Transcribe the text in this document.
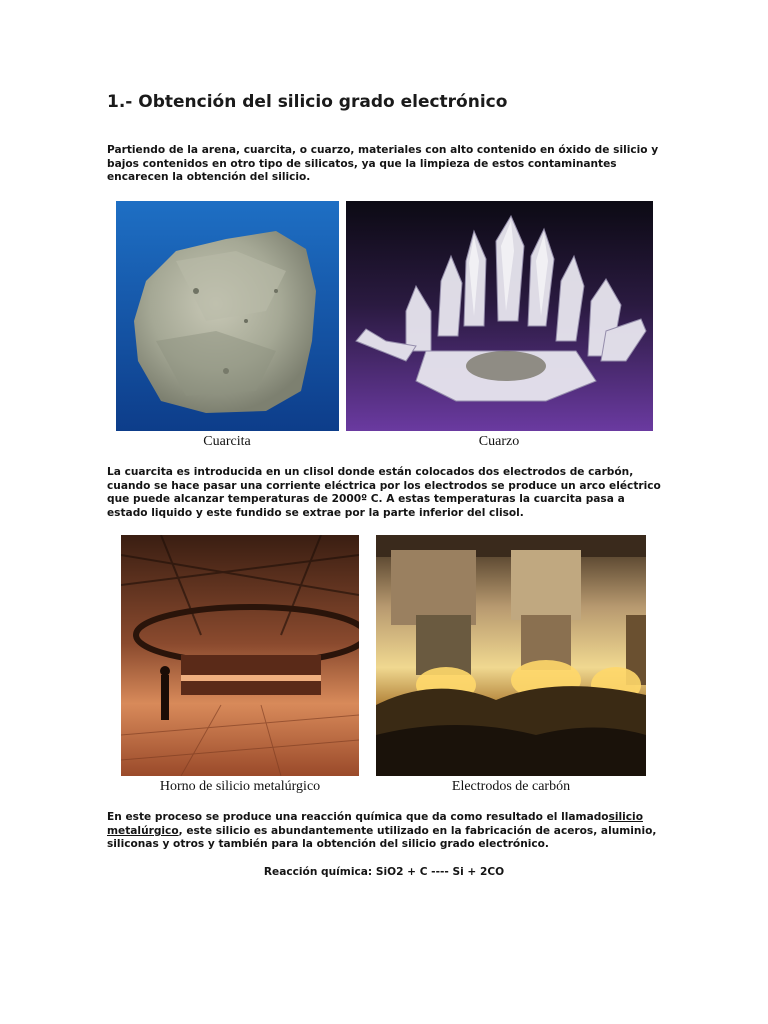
1.- Obtención del silicio grado electrónico

Partiendo de la arena, cuarcita, o cuarzo, materiales con alto contenido en óxido de silicio y bajos contenidos en otro tipo de silicatos, ya que la limpieza de estos contaminantes encarecen la obtención del silicio.

Cuarcita	Cuarzo

La cuarcita es introducida en un clisol donde están colocados dos electrodos de carbón, cuando se hace pasar una corriente eléctrica por los electrodos se produce un arco eléctrico que puede alcanzar temperaturas de 2000º C. A estas temperaturas la cuarcita pasa a estado liquido y este fundido se extrae por la parte inferior del clisol.

Horno de silicio metalúrgico	Electrodos de carbón

En este proceso se produce una reacción química que da como resultado el llamadosilicio metalúrgico, este silicio es abundantemente utilizado en la fabricación de aceros, aluminio, siliconas y otros y también para la obtención del silicio grado electrónico.

Reacción química: SiO2 + C ---- Si + 2CO
